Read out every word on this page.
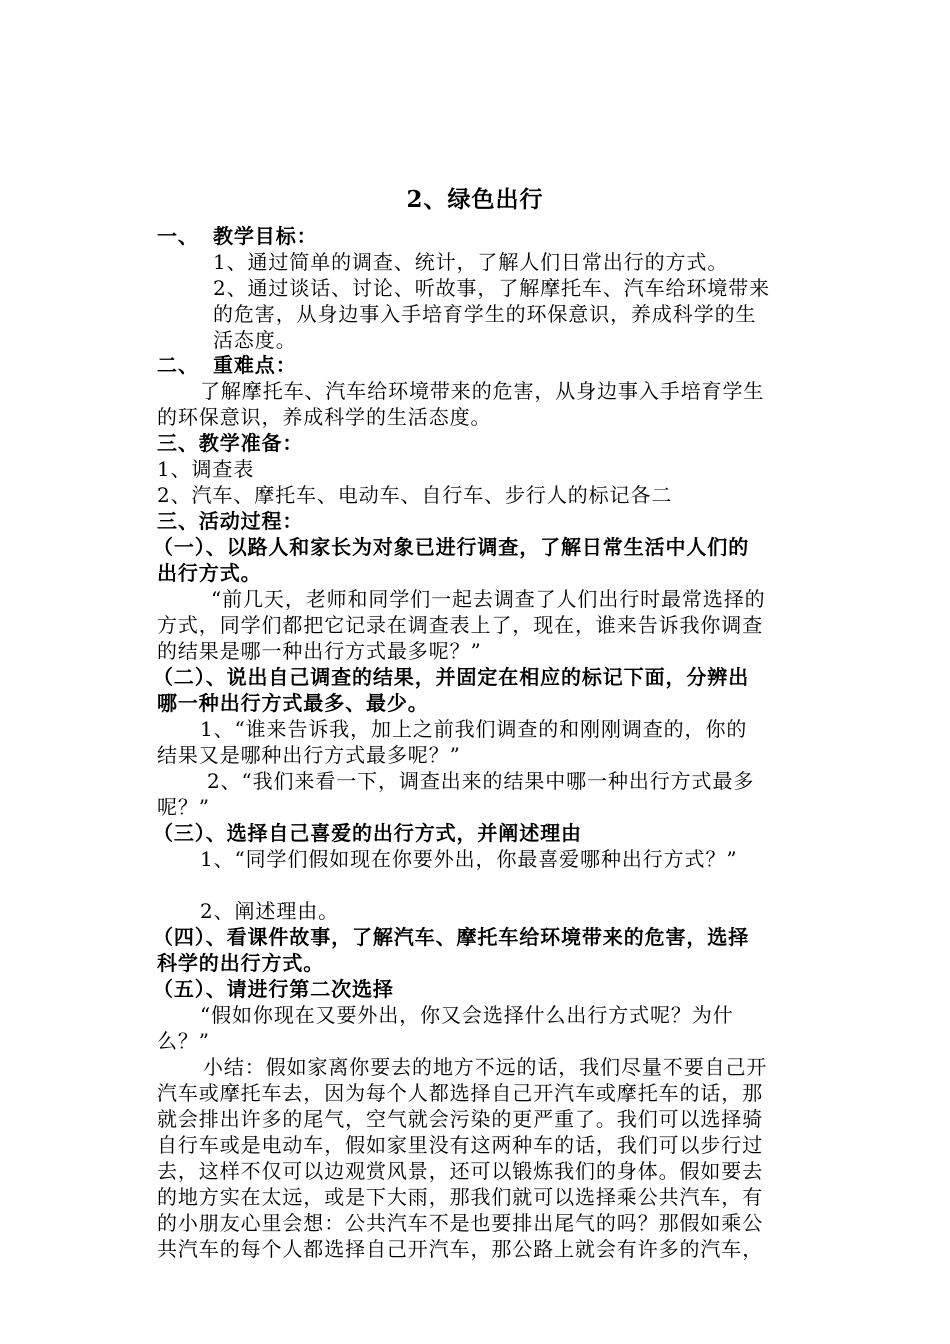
2、绿色出行
一、 教学目标：
1、通过简单的调查、统计，了解人们日常出行的方式。
2、通过谈话、讨论、听故事，了解摩托车、汽车给环境带来
的危害，从身边事入手培育学生的环保意识，养成科学的生
活态度。
二、 重难点：
了解摩托车、汽车给环境带来的危害，从身边事入手培育学生
的环保意识，养成科学的生活态度。
三、教学准备：
1、调查表
2、汽车、摩托车、电动车、自行车、步行人的标记各二
三、活动过程：
（一）、以路人和家长为对象已进行调查，了解日常生活中人们的
出行方式。
“前几天，老师和同学们一起去调查了人们出行时最常选择的
方式，同学们都把它记录在调查表上了，现在，谁来告诉我你调查
的结果是哪一种出行方式最多呢？”
（二）、说出自己调查的结果，并固定在相应的标记下面，分辨出
哪一种出行方式最多、最少。
1、“谁来告诉我，加上之前我们调查的和刚刚调查的，你的
结果又是哪种出行方式最多呢？”
2、“我们来看一下，调查出来的结果中哪一种出行方式最多
呢？”
（三）、选择自己喜爱的出行方式，并阐述理由
1、“同学们假如现在你要外出，你最喜爱哪种出行方式？”
2、阐述理由。
（四）、看课件故事，了解汽车、摩托车给环境带来的危害，选择
科学的出行方式。
（五）、请进行第二次选择
“假如你现在又要外出，你又会选择什么出行方式呢？为什
么？”
小结：假如家离你要去的地方不远的话，我们尽量不要自己开
汽车或摩托车去，因为每个人都选择自己开汽车或摩托车的话，那
就会排出许多的尾气，空气就会污染的更严重了。我们可以选择骑
自行车或是电动车，假如家里没有这两种车的话，我们可以步行过
去，这样不仅可以边观赏风景，还可以锻炼我们的身体。假如要去
的地方实在太远，或是下大雨，那我们就可以选择乘公共汽车，有
的小朋友心里会想：公共汽车不是也要排出尾气的吗？那假如乘公
共汽车的每个人都选择自己开汽车，那公路上就会有许多的汽车，
